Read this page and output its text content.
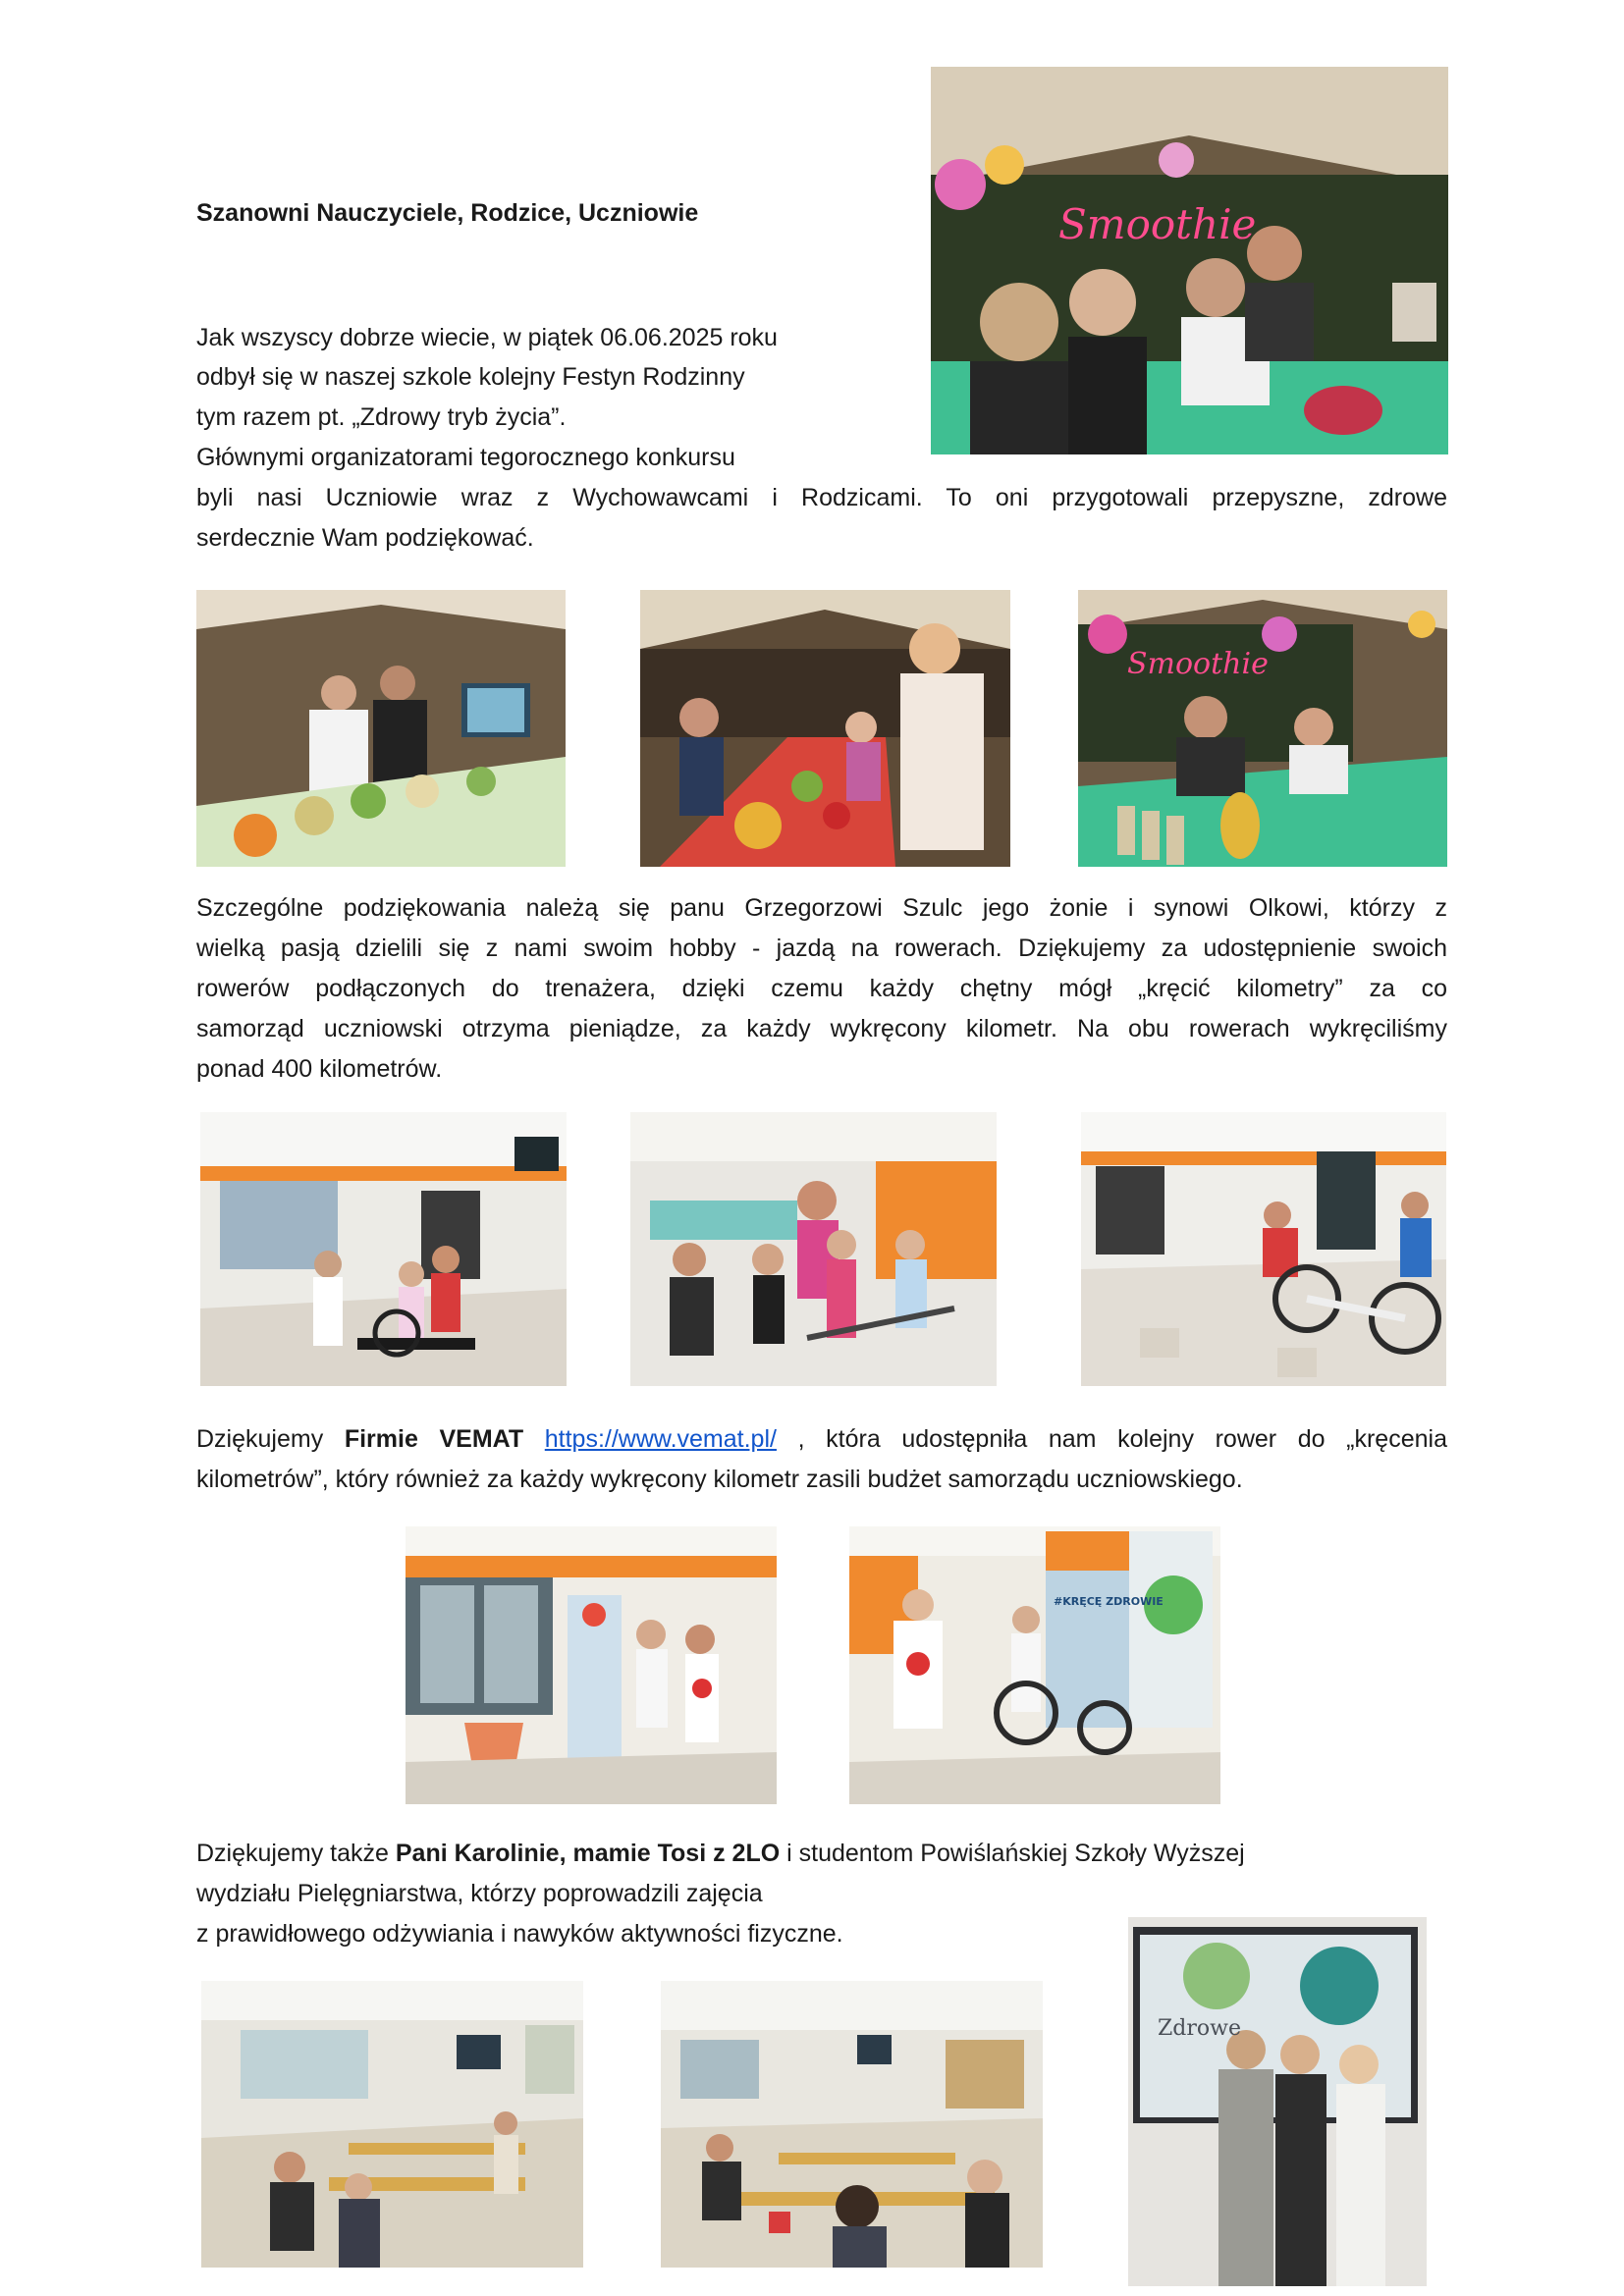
Szanowni Nauczyciele, Rodzice, Uczniowie
Jak wszyscy dobrze wiecie, w piątek 06.06.2025 roku
odbył się w naszej szkole kolejny Festyn Rodzinny
tym razem pt. „Zdrowy tryb życia”.
Głównymi organizatorami tegorocznego konkursu
byli nasi Uczniowie wraz z Wychowawcami i Rodzicami. To oni przygotowali przepyszne, zdrowe
serdecznie Wam podziękować.
Smoothie
Smoothie
Szczególne podziękowania należą się panu Grzegorzowi Szulc jego żonie i synowi Olkowi, którzy z
wielką pasją dzielili się z nami swoim hobby - jazdą na rowerach. Dziękujemy za udostępnienie swoich
rowerów podłączonych do trenażera, dzięki czemu każdy chętny mógł „kręcić kilometry” za co
samorząd uczniowski otrzyma pieniądze, za każdy wykręcony kilometr. Na obu rowerach wykręciliśmy
ponad 400 kilometrów.
Dziękujemy Firmie VEMAT https://www.vemat.pl/ , która udostępniła nam kolejny rower do „kręcenia
kilometrów”, który również za każdy wykręcony kilometr zasili budżet samorządu uczniowskiego.
#KRĘCĘ ZDROWIE
Dziękujemy także Pani Karolinie, mamie Tosi z 2LO i studentom Powiślańskiej Szkoły Wyższej
wydziału Pielęgniarstwa, którzy poprowadzili zajęcia
z prawidłowego odżywiania i nawyków aktywności fizyczne.
Zdrowe
